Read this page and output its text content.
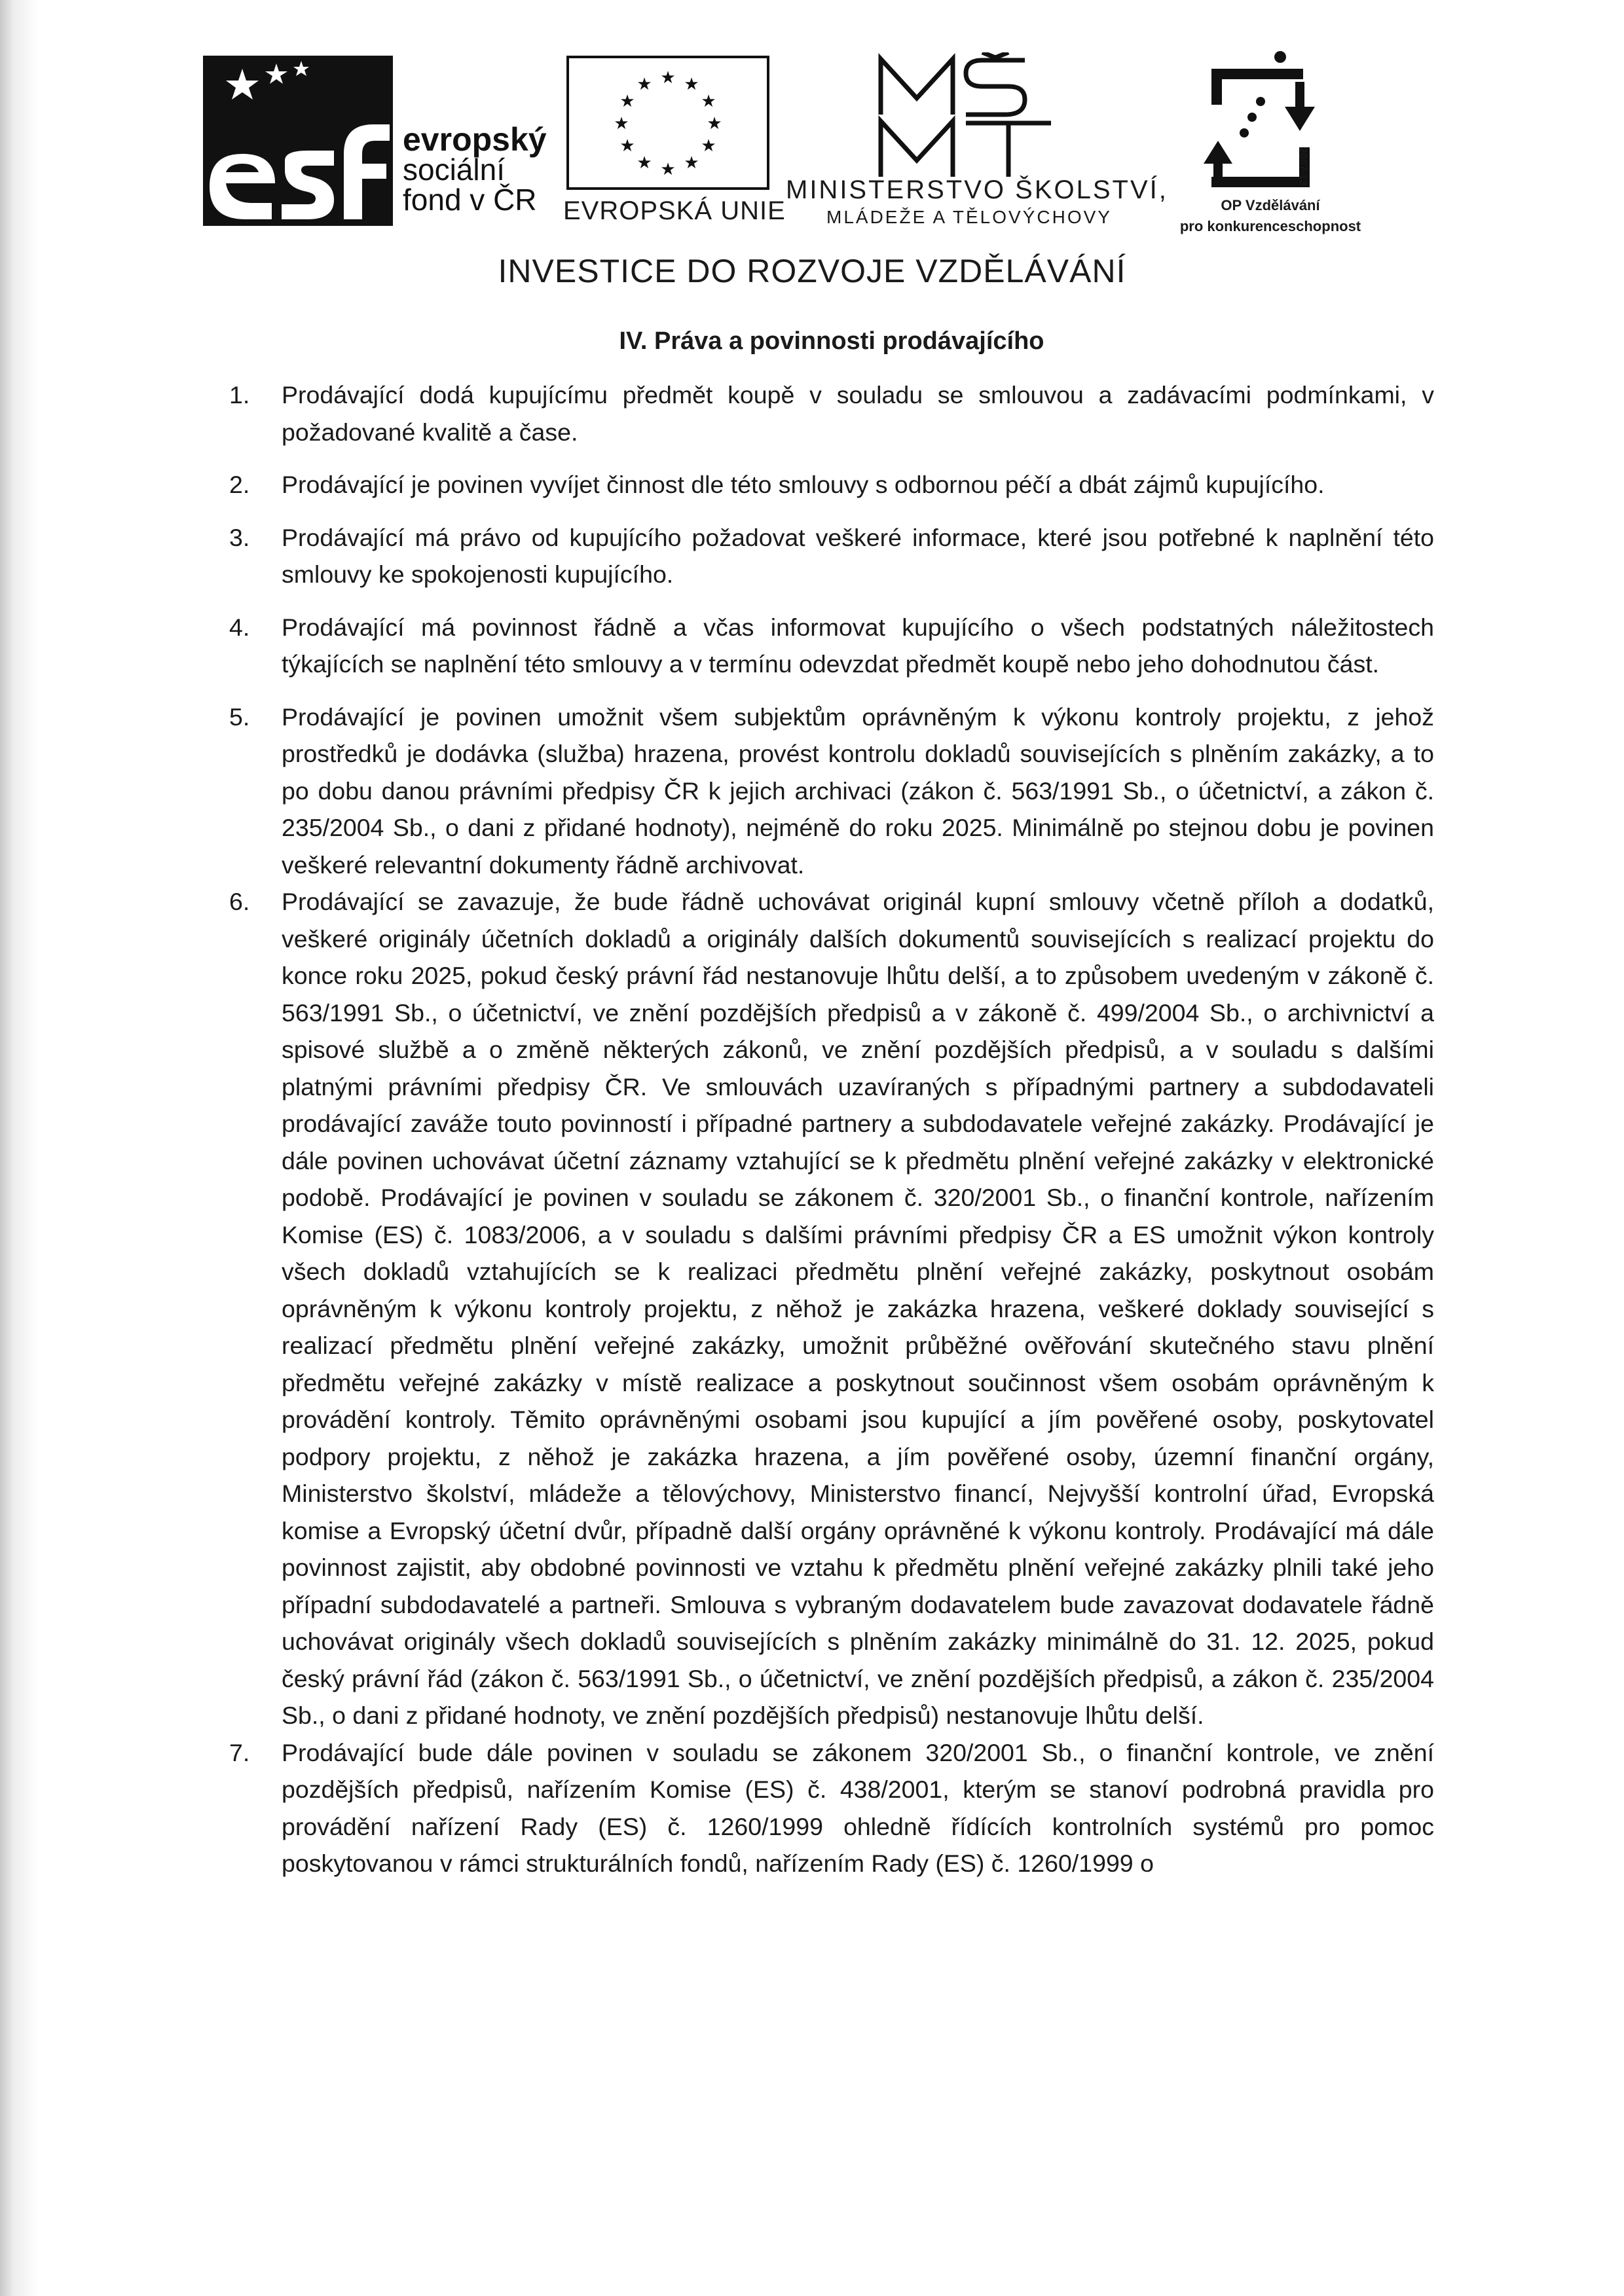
evropský
sociální
fond v ČR
★ ★
★
★
★
★
★
★
★
★
★
★
EVROPSKÁ UNIE
MINISTERSTVO ŠKOLSTVÍ,
MLÁDEŽE A TĚLOVÝCHOVY
2007-13
OP Vzdělávání
pro konkurenceschopnost
INVESTICE DO ROZVOJE VZDĚLÁVÁNÍ
IV. Práva a povinnosti prodávajícího
1. Prodávající dodá kupujícímu předmět koupě v souladu se smlouvou a zadávacími podmínkami, v požadované kvalitě a čase.
2. Prodávající je povinen vyvíjet činnost dle této smlouvy s odbornou péčí a dbát zájmů kupujícího.
3. Prodávající má právo od kupujícího požadovat veškeré informace, které jsou potřebné k naplnění této smlouvy ke spokojenosti kupujícího.
4. Prodávající má povinnost řádně a včas informovat kupujícího o všech podstatných náležitostech týkajících se naplnění této smlouvy a v termínu odevzdat předmět koupě nebo jeho dohodnutou část.
5. Prodávající je povinen umožnit všem subjektům oprávněným k výkonu kontroly projektu, z jehož prostředků je dodávka (služba) hrazena, provést kontrolu dokladů souvisejících s plněním zakázky, a to po dobu danou právními předpisy ČR k jejich archivaci (zákon č. 563/1991 Sb., o účetnictví, a zákon č. 235/2004 Sb., o dani z přidané hodnoty), nejméně do roku 2025. Minimálně po stejnou dobu je povinen veškeré relevantní dokumenty řádně archivovat.
6. Prodávající se zavazuje, že bude řádně uchovávat originál kupní smlouvy včetně příloh a dodatků, veškeré originály účetních dokladů a originály dalších dokumentů souvisejících s realizací projektu do konce roku 2025, pokud český právní řád nestanovuje lhůtu delší, a to způsobem uvedeným v zákoně č. 563/1991 Sb., o účetnictví, ve znění pozdějších předpisů a v zákoně č. 499/2004 Sb., o archivnictví a spisové službě a o změně některých zákonů, ve znění pozdějších předpisů, a v souladu s dalšími platnými právními předpisy ČR. Ve smlouvách uzavíraných s případnými partnery a subdodavateli prodávající zaváže touto povinností i případné partnery a subdodavatele veřejné zakázky. Prodávající je dále povinen uchovávat účetní záznamy vztahující se k předmětu plnění veřejné zakázky v elektronické podobě. Prodávající je povinen v souladu se zákonem č. 320/2001 Sb., o finanční kontrole, nařízením Komise (ES) č. 1083/2006, a v souladu s dalšími právními předpisy ČR a ES umožnit výkon kontroly všech dokladů vztahujících se k realizaci předmětu plnění veřejné zakázky, poskytnout osobám oprávněným k výkonu kontroly projektu, z něhož je zakázka hrazena, veškeré doklady související s realizací předmětu plnění veřejné zakázky, umožnit průběžné ověřování skutečného stavu plnění předmětu veřejné zakázky v místě realizace a poskytnout součinnost všem osobám oprávněným k provádění kontroly. Těmito oprávněnými osobami jsou kupující a jím pověřené osoby, poskytovatel podpory projektu, z něhož je zakázka hrazena, a jím pověřené osoby, územní finanční orgány, Ministerstvo školství, mládeže a tělovýchovy, Ministerstvo financí, Nejvyšší kontrolní úřad, Evropská komise a Evropský účetní dvůr, případně další orgány oprávněné k výkonu kontroly. Prodávající má dále povinnost zajistit, aby obdobné povinnosti ve vztahu k předmětu plnění veřejné zakázky plnili také jeho případní subdodavatelé a partneři. Smlouva s vybraným dodavatelem bude zavazovat dodavatele řádně uchovávat originály všech dokladů souvisejících s plněním zakázky minimálně do 31. 12. 2025, pokud český právní řád (zákon č. 563/1991 Sb., o účetnictví, ve znění pozdějších předpisů, a zákon č. 235/2004 Sb., o dani z přidané hodnoty, ve znění pozdějších předpisů) nestanovuje lhůtu delší.
7. Prodávající bude dále povinen v souladu se zákonem 320/2001 Sb., o finanční kontrole, ve znění pozdějších předpisů, nařízením Komise (ES) č. 438/2001, kterým se stanoví podrobná pravidla pro provádění nařízení Rady (ES) č. 1260/1999 ohledně řídících kontrolních systémů pro pomoc poskytovanou v rámci strukturálních fondů, nařízením Rady (ES) č. 1260/1999 o
